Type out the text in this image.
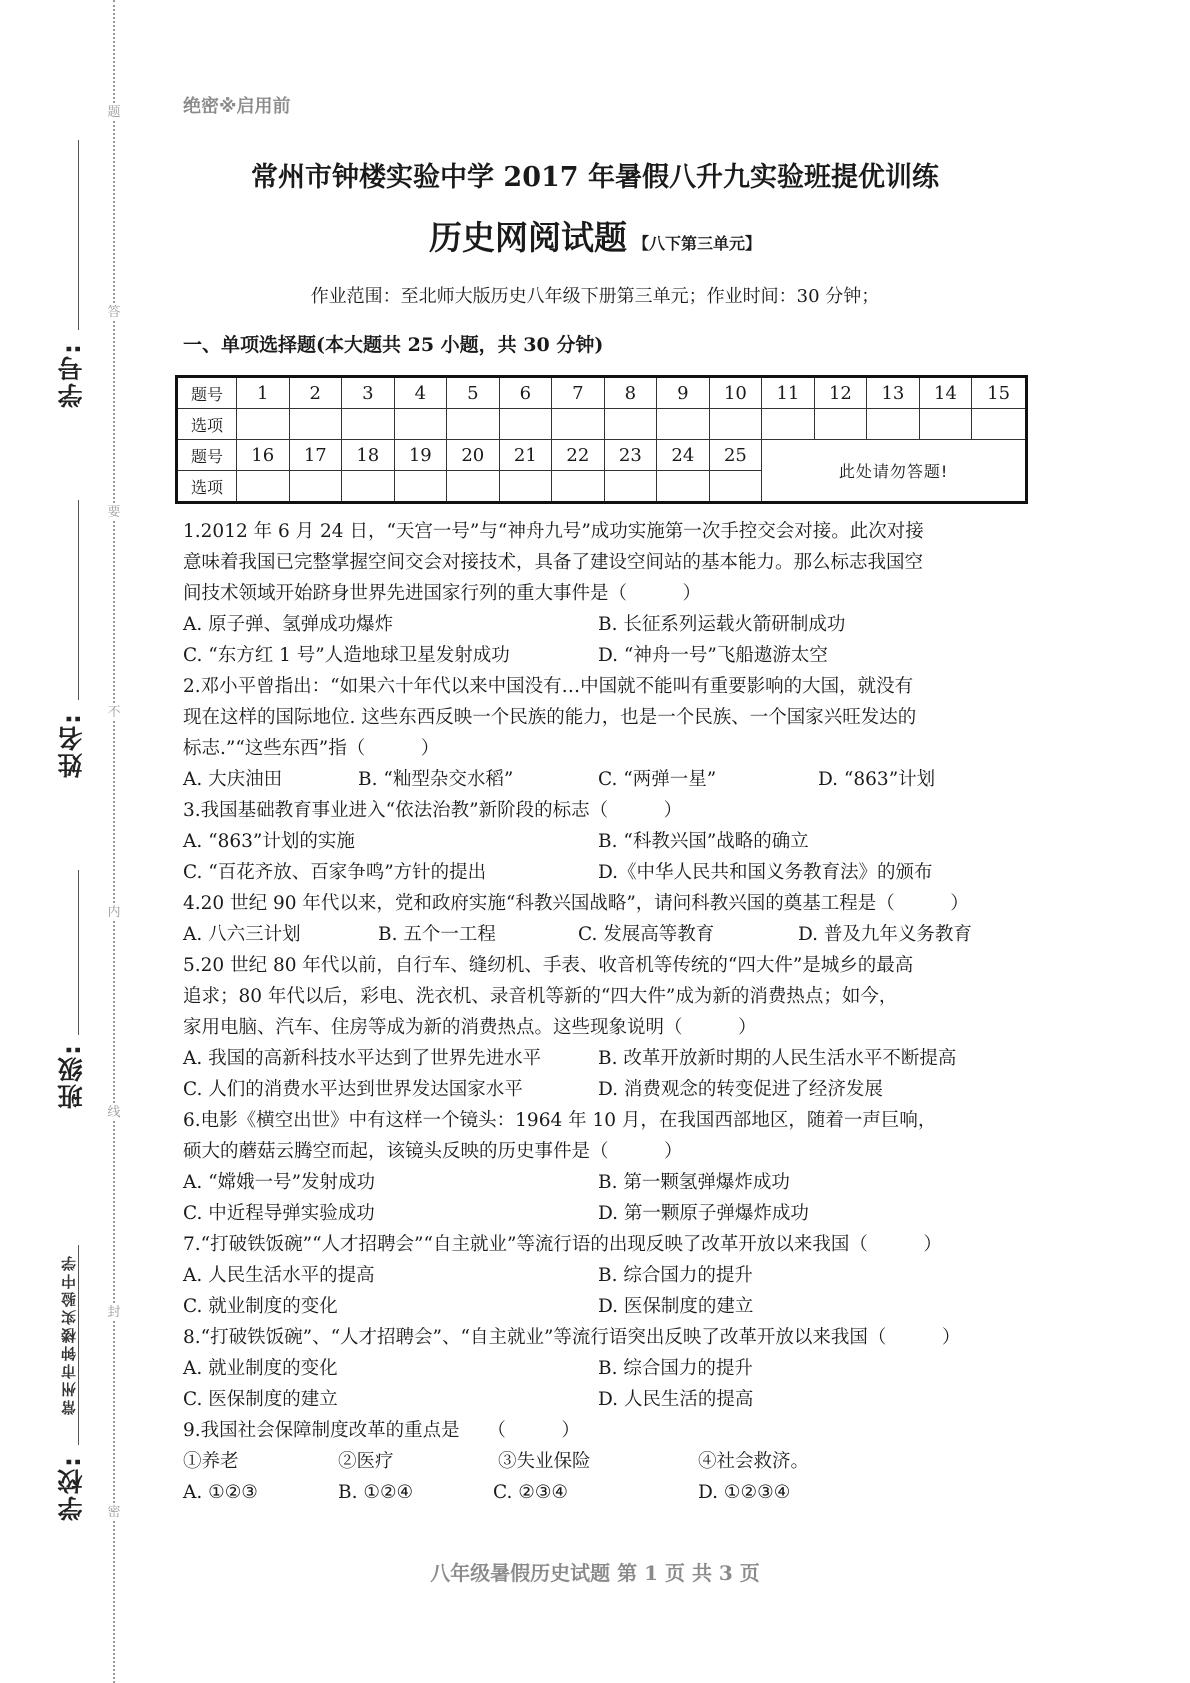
题
答
要
不
内
线
封
密
学号:
姓名:
班级:
学校:
常州市钟楼实验中学
绝密※启用前
常州市钟楼实验中学 2017 年暑假八升九实验班提优训练
历史网阅试题 【八下第三单元】
作业范围：至北师大版历史八年级下册第三单元；作业时间：30 分钟；
一、单项选择题(本大题共 25 小题，共 30 分钟)
题号	1	2	3	4	5	6	7	8	9	10	11	12	13	14	15
选项															
题号	16	17	18	19	20	21	22	23	24	25	此处请勿答题!				
选项															
1.2012 年 6 月 24 日，“天宫一号”与“神舟九号”成功实施第一次手控交会对接。此次对接
意味着我国已完整掌握空间交会对接技术，具备了建设空间站的基本能力。那么标志我国空
间技术领域开始跻身世界先进国家行列的重大事件是（　　　）
A. 原子弹、氢弹成功爆炸	B. 长征系列运载火箭研制成功
C. “东方红 1 号”人造地球卫星发射成功	D. “神舟一号”飞船遨游太空
2.邓小平曾指出：“如果六十年代以来中国没有…中国就不能叫有重要影响的大国，就没有
现在这样的国际地位. 这些东西反映一个民族的能力，也是一个民族、一个国家兴旺发达的
标志.”“这些东西”指（　　　）
A. 大庆油田	B. “籼型杂交水稻”	C. “两弹一星”	D. “863”计划
3.我国基础教育事业进入“依法治教”新阶段的标志（　　　）
A. “863”计划的实施	B. “科教兴国”战略的确立
C. “百花齐放、百家争鸣”方针的提出	D.《中华人民共和国义务教育法》的颁布
4.20 世纪 90 年代以来，党和政府实施“科教兴国战略”，请问科教兴国的奠基工程是（　　　）
A. 八六三计划	B. 五个一工程	C. 发展高等教育	D. 普及九年义务教育
5.20 世纪 80 年代以前，自行车、缝纫机、手表、收音机等传统的“四大件”是城乡的最高
追求；80 年代以后，彩电、洗衣机、录音机等新的“四大件”成为新的消费热点；如今，
家用电脑、汽车、住房等成为新的消费热点。这些现象说明（　　　）
A. 我国的高新科技水平达到了世界先进水平	B. 改革开放新时期的人民生活水平不断提高
C. 人们的消费水平达到世界发达国家水平	D. 消费观念的转变促进了经济发展
6.电影《横空出世》中有这样一个镜头：1964 年 10 月，在我国西部地区，随着一声巨响，
硕大的蘑菇云腾空而起，该镜头反映的历史事件是（　　　）
A. “嫦娥一号”发射成功	B. 第一颗氢弹爆炸成功
C. 中近程导弹实验成功	D. 第一颗原子弹爆炸成功
7.“打破铁饭碗”“人才招聘会”“自主就业”等流行语的出现反映了改革开放以来我国（　　　）
A. 人民生活水平的提高	B. 综合国力的提升
C. 就业制度的变化	D. 医保制度的建立
8.“打破铁饭碗”、“人才招聘会”、“自主就业”等流行语突出反映了改革开放以来我国（　　　）
A. 就业制度的变化	B. 综合国力的提升
C. 医保制度的建立	D. 人民生活的提高
9.我国社会保障制度改革的重点是　　（　　　）
①养老	②医疗	③失业保险	④社会救济。
A. ①②③	B. ①②④	C. ②③④	D. ①②③④
八年级暑假历史试题 第 1 页 共 3 页
